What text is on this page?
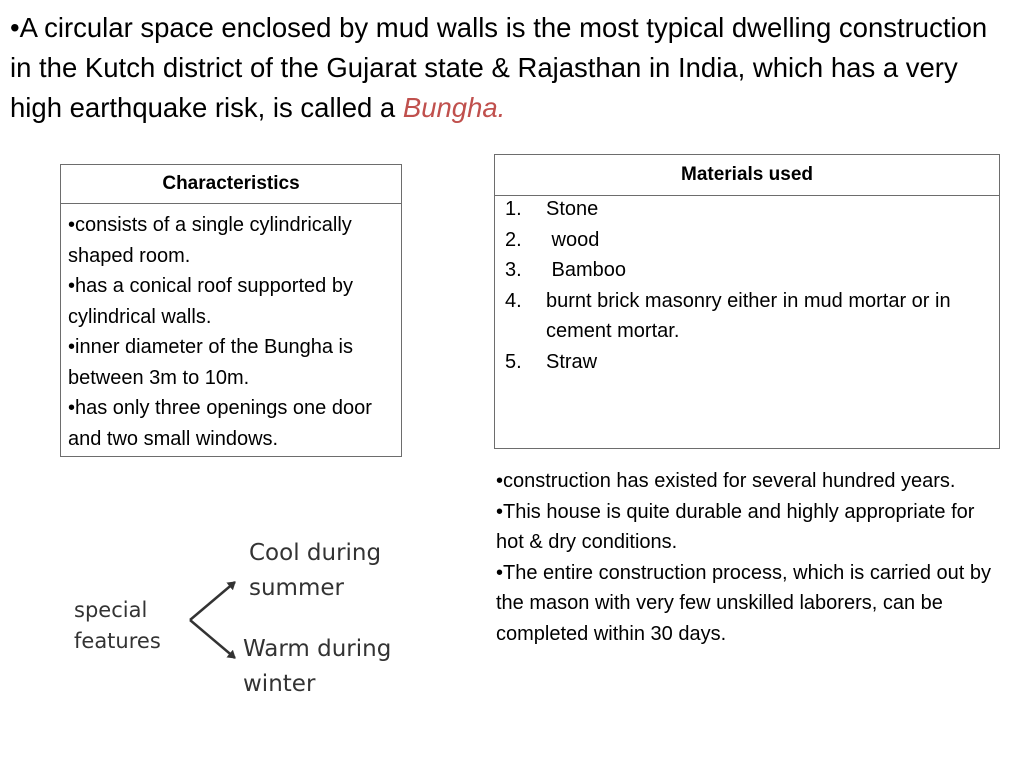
•A circular space enclosed by mud walls is the most typical dwelling construction in the Kutch district of the Gujarat state & Rajasthan in India, which has a very high earthquake risk, is called a Bungha.

Characteristics

•consists of a single cylindrically shaped room.
•has a conical roof supported by cylindrical walls.
•inner diameter of the Bungha is between 3m to 10m.
•has only three openings one door and two small windows.
Materials used

1.	Stone
2.	wood
3.	Bamboo
4.	burnt brick masonry either in mud mortar or in cement mortar.
5.	Straw

•construction has existed for several hundred years.

•This house is quite durable and highly appropriate for hot & dry conditions.

•The entire construction process, which is carried out by the mason with very few unskilled laborers, can be completed within 30 days.

special
features
Cool during
summer
Warm during
winter
